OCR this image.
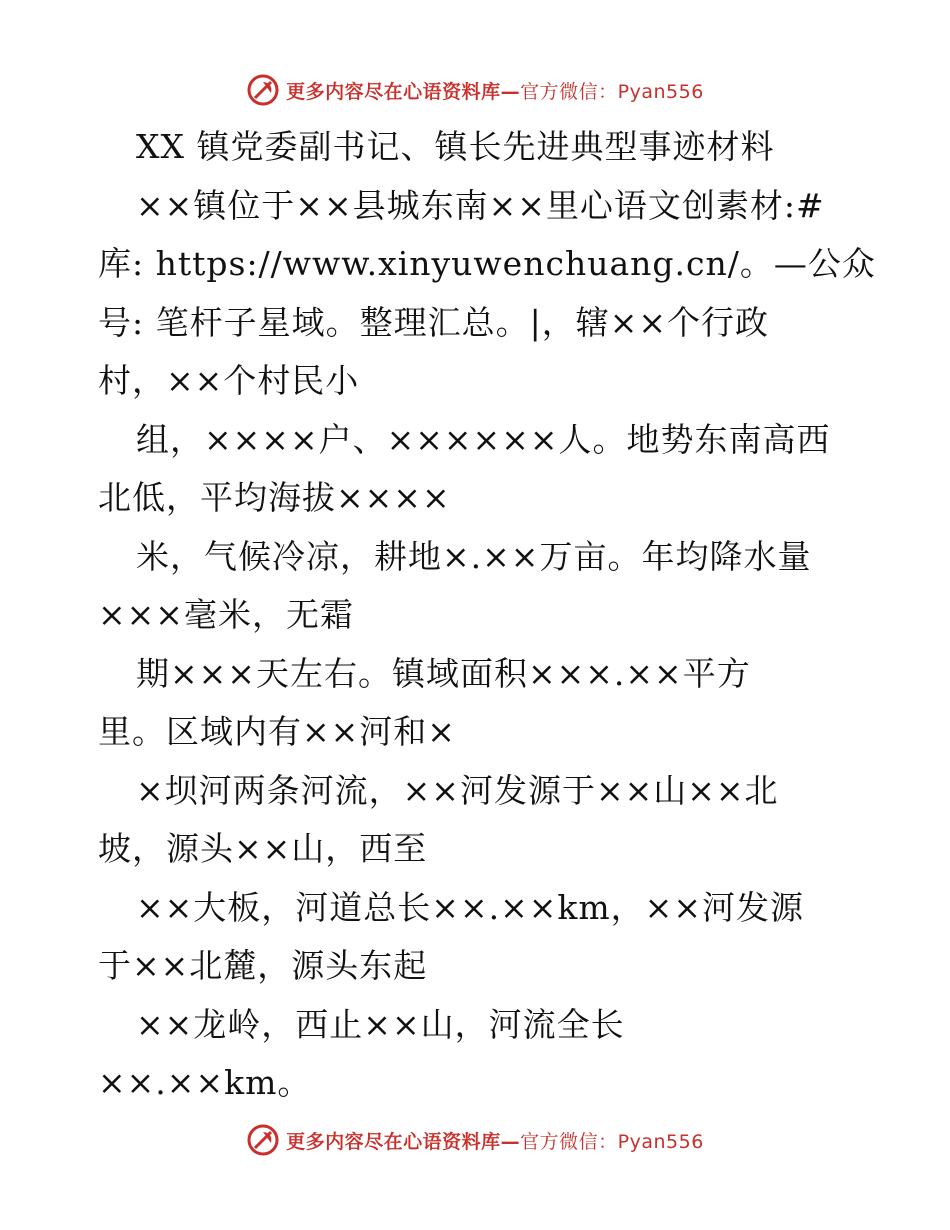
更多内容尽在心语资料库—官方微信：Pyan556
XX 镇党委副书记、镇长先进典型事迹材料
××镇位于××县城东南××里心语文创素材:#
库: https://www.xinyuwenchuang.cn/。—公众
号: 笔杆子星域。整理汇总。|，辖××个行政
村，××个村民小
组，××××户、××××××人。地势东南高西
北低，平均海拔××××
米，气候冷凉，耕地×.××万亩。年均降水量
×××毫米，无霜
期×××天左右。镇域面积×××.××平方
里。区域内有××河和×
×坝河两条河流，××河发源于××山××北
坡，源头××山，西至
××大板，河道总长××.××km，××河发源
于××北麓，源头东起
××龙岭，西止××山，河流全长
××.××km。
更多内容尽在心语资料库—官方微信：Pyan556
